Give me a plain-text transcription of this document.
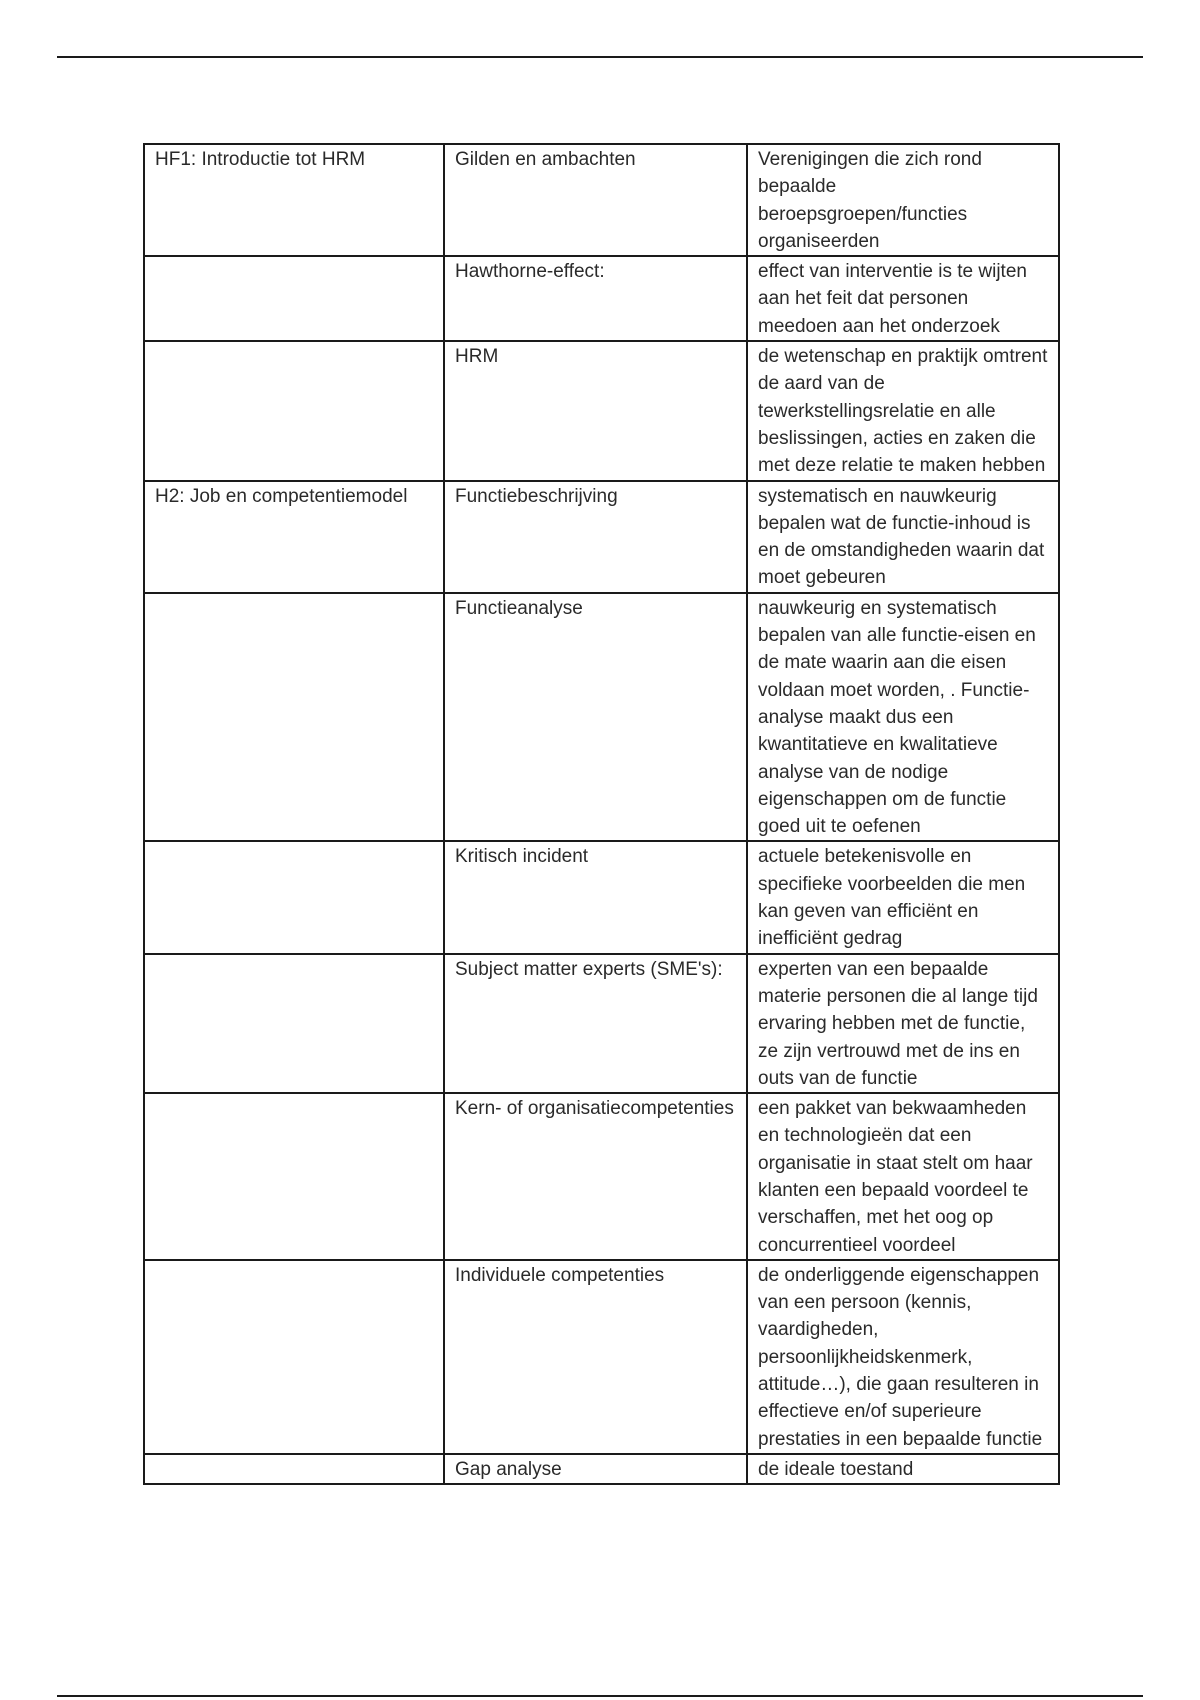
HF1: Introductie tot HRM	Gilden en ambachten	Verenigingen die zich rond bepaalde beroepsgroepen/functies organiseerden
	Hawthorne-effect:	effect van interventie is te wijten aan het feit dat personen meedoen aan het onderzoek
	HRM	de wetenschap en praktijk omtrent de aard van de tewerkstellingsrelatie en alle beslissingen, acties en zaken die met deze relatie te maken hebben
H2: Job en competentiemodel	Functiebeschrijving	systematisch en nauwkeurig bepalen wat de functie-inhoud is en de omstandigheden waarin dat moet gebeuren
	Functieanalyse	nauwkeurig en systematisch bepalen van alle functie-eisen en de mate waarin aan die eisen voldaan moet worden, . Functie-analyse maakt dus een kwantitatieve en kwalitatieve analyse van de nodige eigenschappen om de functie goed uit te oefenen
	Kritisch incident	actuele betekenisvolle en specifieke voorbeelden die men kan geven van efficiënt en inefficiënt gedrag
	Subject matter experts (SME's):	experten van een bepaalde materie personen die al lange tijd ervaring hebben met de functie, ze zijn vertrouwd met de ins en outs van de functie
	Kern- of organisatiecompetenties	een pakket van bekwaamheden en technologieën dat een organisatie in staat stelt om haar klanten een bepaald voordeel te verschaffen, met het oog op concurrentieel voordeel
	Individuele competenties	de onderliggende eigenschappen van een persoon (kennis, vaardigheden, persoonlijkheidskenmerk, attitude…), die gaan resulteren in effectieve en/of superieure prestaties in een bepaalde functie
	Gap analyse	de ideale toestand
